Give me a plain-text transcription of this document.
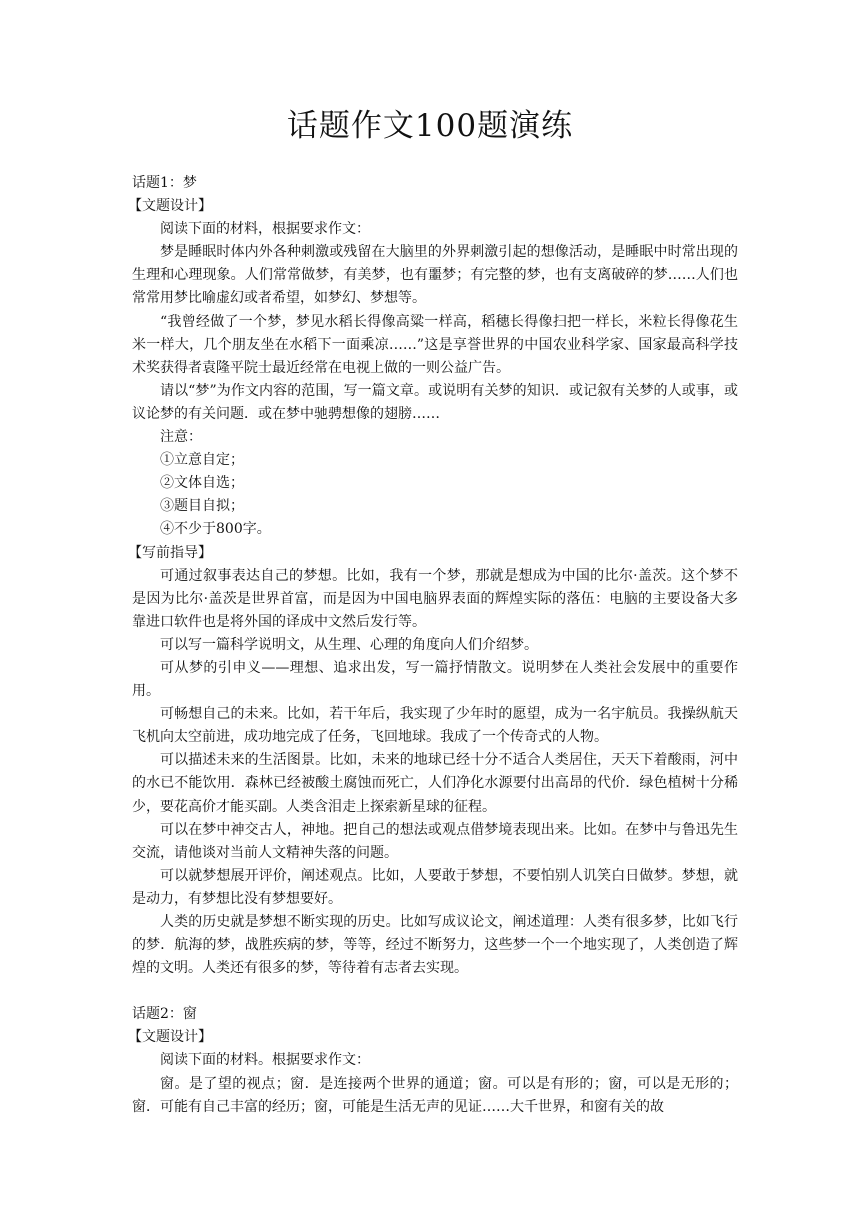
话题作文100题演练

话题1：梦

【文题设计】

阅读下面的材料，根据要求作文：

梦是睡眠时体内外各种刺激或残留在大脑里的外界刺激引起的想像活动，是睡眠中时常出现的生理和心理现象。人们常常做梦，有美梦，也有噩梦；有完整的梦，也有支离破碎的梦……人们也常常用梦比喻虚幻或者希望，如梦幻、梦想等。

“我曾经做了一个梦，梦见水稻长得像高粱一样高，稻穗长得像扫把一样长，米粒长得像花生米一样大，几个朋友坐在水稻下一面乘凉……”这是享誉世界的中国农业科学家、国家最高科学技术奖获得者袁隆平院士最近经常在电视上做的一则公益广告。

请以“梦”为作文内容的范围，写一篇文章。或说明有关梦的知识．或记叙有关梦的人或事，或议论梦的有关问题．或在梦中驰骋想像的翅膀……

注意：

①立意自定；

②文体自选；

③题目自拟；

④不少于800字。

【写前指导】

可通过叙事表达自己的梦想。比如，我有一个梦，那就是想成为中国的比尔·盖茨。这个梦不是因为比尔·盖茨是世界首富，而是因为中国电脑界表面的辉煌实际的落伍：电脑的主要设备大多靠进口软件也是将外国的译成中文然后发行等。

可以写一篇科学说明文，从生理、心理的角度向人们介绍梦。

可从梦的引申义——理想、追求出发，写一篇抒情散文。说明梦在人类社会发展中的重要作用。

可畅想自己的未来。比如，若干年后，我实现了少年时的愿望，成为一名宇航员。我操纵航天飞机向太空前进，成功地完成了任务，飞回地球。我成了一个传奇式的人物。

可以描述未来的生活图景。比如，未来的地球已经十分不适合人类居住，天天下着酸雨，河中的水已不能饮用．森林已经被酸土腐蚀而死亡，人们净化水源要付出高昂的代价．绿色植树十分稀少，要花高价才能买副。人类含泪走上探索新星球的征程。

可以在梦中神交古人，神地。把自己的想法或观点借梦境表现出来。比如。在梦中与鲁迅先生交流，请他谈对当前人文精神失落的问题。

可以就梦想展开评价，阐述观点。比如，人要敢于梦想，不要怕别人讥笑白日做梦。梦想，就是动力，有梦想比没有梦想要好。

人类的历史就是梦想不断实现的历史。比如写成议论文，阐述道理：人类有很多梦，比如飞行的梦．航海的梦，战胜疾病的梦，等等，经过不断努力，这些梦一个一个地实现了，人类创造了辉煌的文明。人类还有很多的梦，等待着有志者去实现。

话题2：窗

【文题设计】

阅读下面的材料。根据要求作文：

窗。是了望的视点；窗．是连接两个世界的通道；窗。可以是有形的；窗，可以是无形的；窗．可能有自己丰富的经历；窗，可能是生活无声的见证……大千世界，和窗有关的故
